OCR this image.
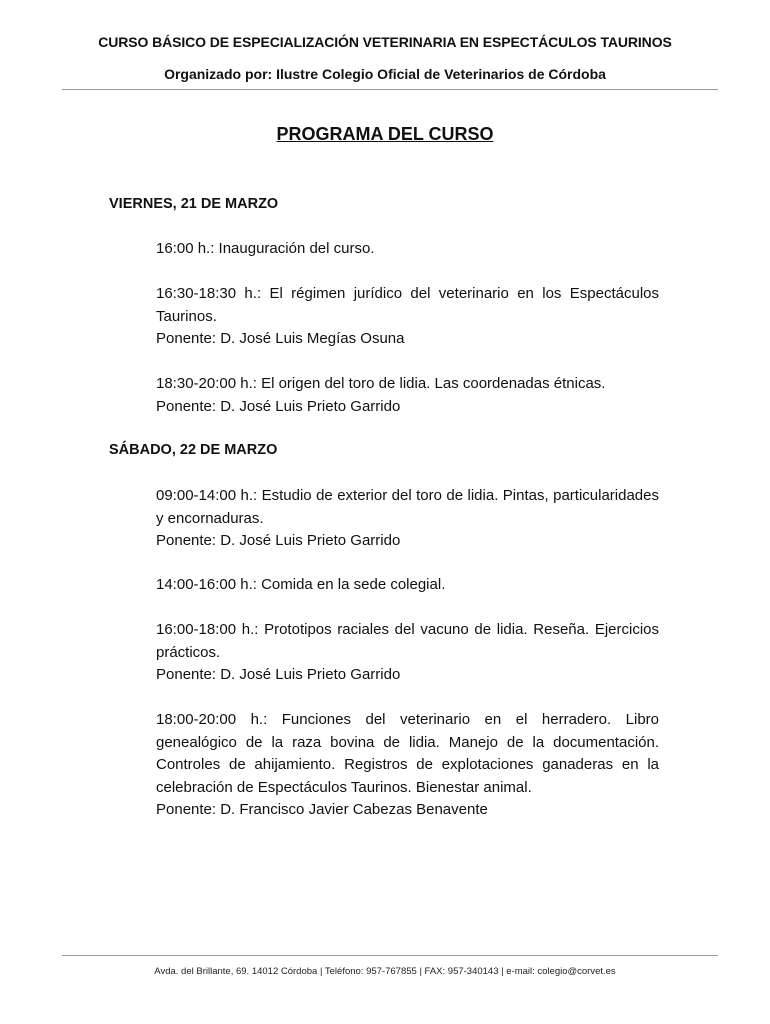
CURSO BÁSICO DE ESPECIALIZACIÓN VETERINARIA EN ESPECTÁCULOS TAURINOS
Organizado por: Ilustre Colegio Oficial de Veterinarios de Córdoba
PROGRAMA DEL CURSO
VIERNES, 21 DE MARZO

16:00 h.: Inauguración del curso.

16:30-18:30 h.: El régimen jurídico del veterinario en los Espectáculos Taurinos.

Ponente: D. José Luis Megías Osuna

18:30-20:00 h.: El origen del toro de lidia. Las coordenadas étnicas.

Ponente: D. José Luis Prieto Garrido

SÁBADO, 22 DE MARZO

09:00-14:00 h.: Estudio de exterior del toro de lidia. Pintas, particularidades y encornaduras.

Ponente: D. José Luis Prieto Garrido

14:00-16:00 h.: Comida en la sede colegial.

16:00-18:00 h.: Prototipos raciales del vacuno de lidia. Reseña. Ejercicios prácticos.

Ponente: D. José Luis Prieto Garrido

18:00-20:00 h.: Funciones del veterinario en el herradero. Libro genealógico de la raza bovina de lidia. Manejo de la documentación. Controles de ahijamiento. Registros de explotaciones ganaderas en la celebración de Espectáculos Taurinos. Bienestar animal.

Ponente: D. Francisco Javier Cabezas Benavente

Avda. del Brillante, 69. 14012 Córdoba | Teléfono: 957-767855 | FAX: 957-340143 | e-mail: colegio@corvet.es
